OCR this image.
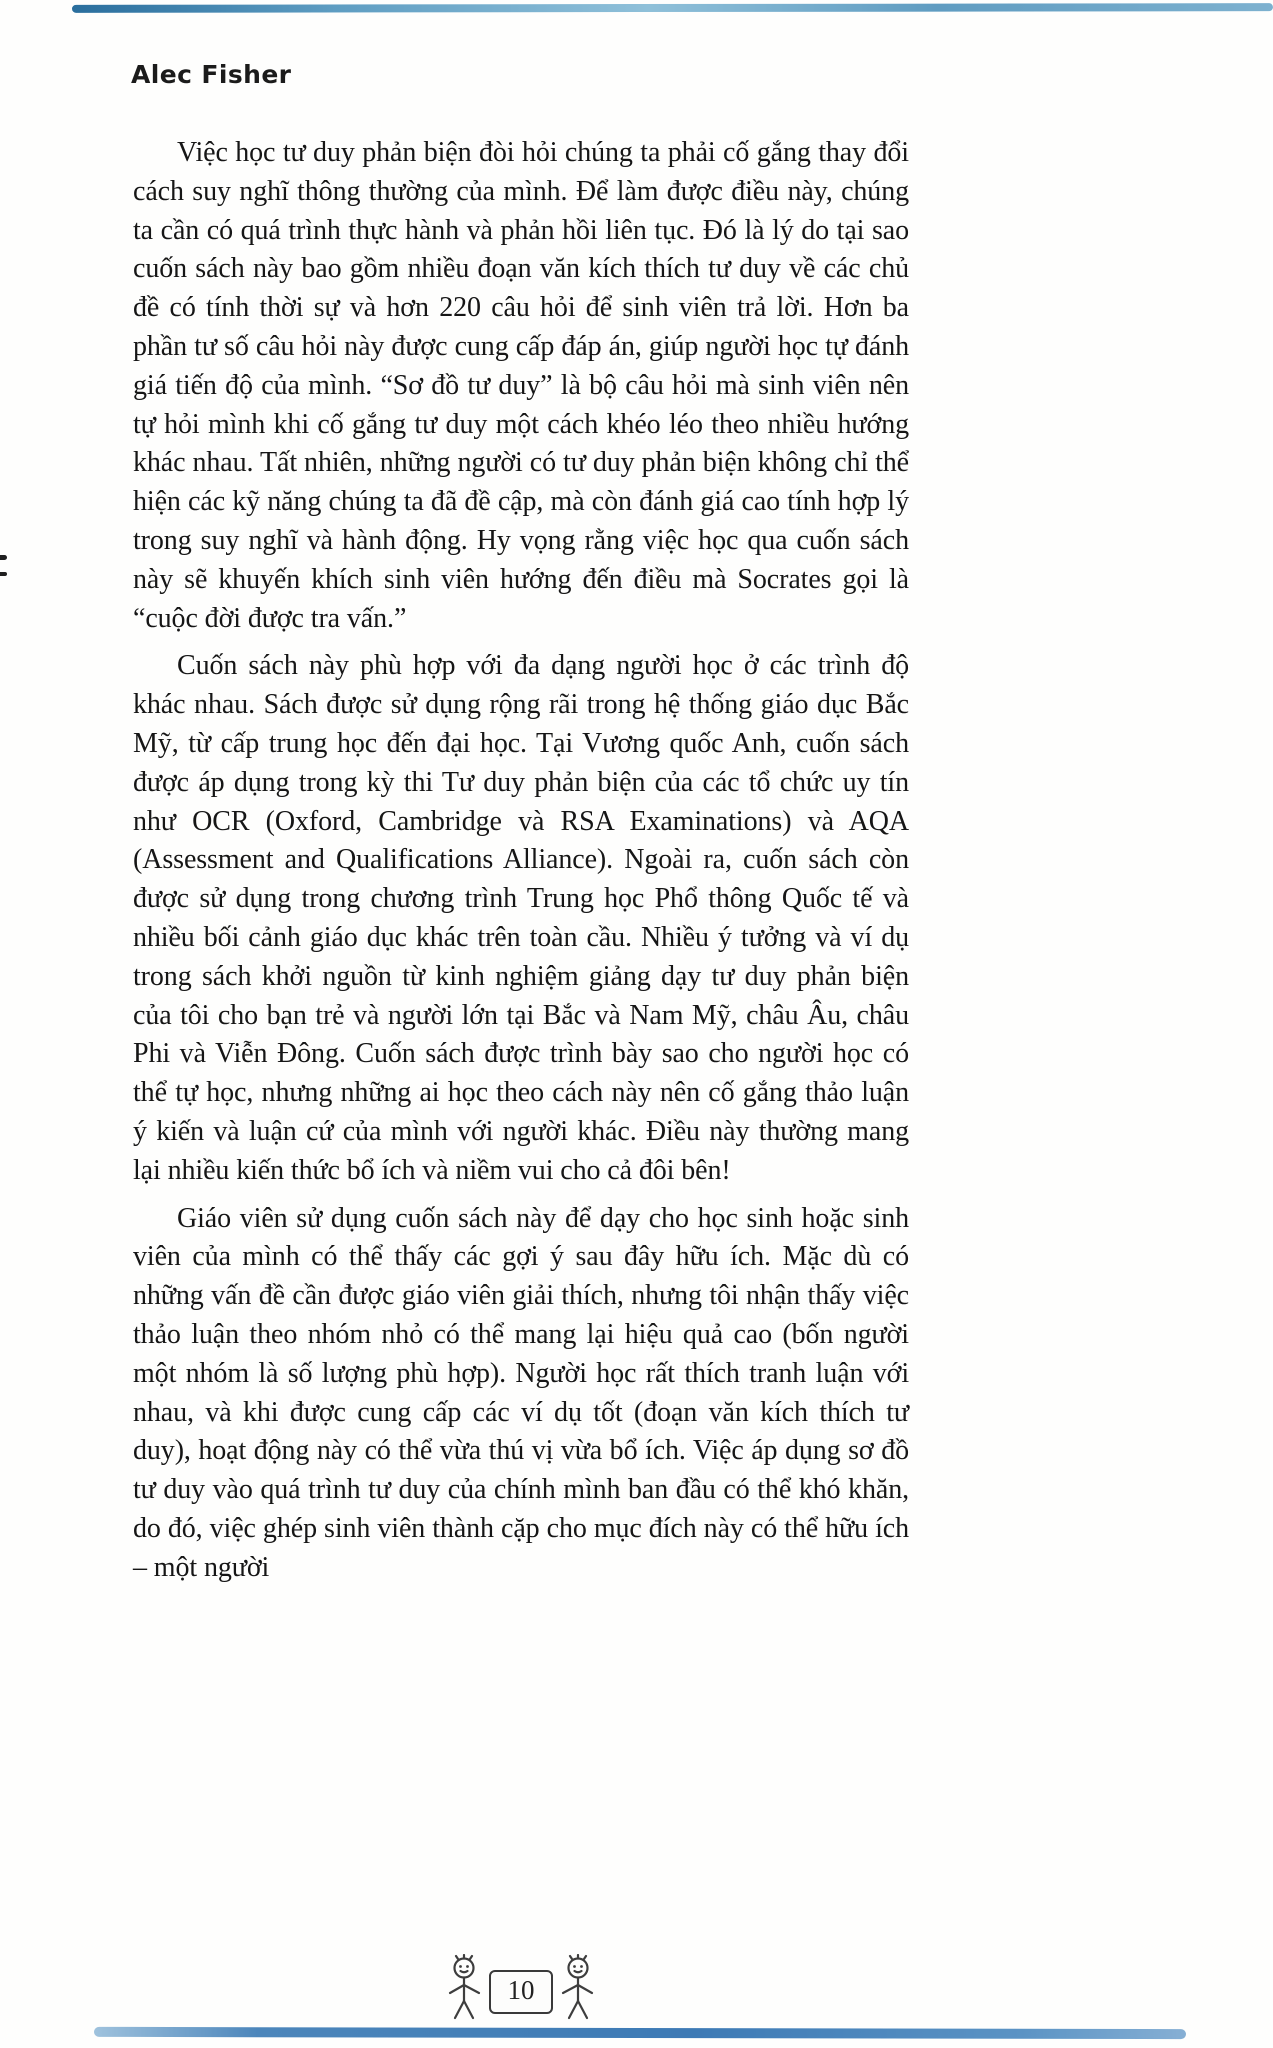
Alec Fisher

Việc học tư duy phản biện đòi hỏi chúng ta phải cố gắng thay đổi cách suy nghĩ thông thường của mình. Để làm được điều này, chúng ta cần có quá trình thực hành và phản hồi liên tục. Đó là lý do tại sao cuốn sách này bao gồm nhiều đoạn văn kích thích tư duy về các chủ đề có tính thời sự và hơn 220 câu hỏi để sinh viên trả lời. Hơn ba phần tư số câu hỏi này được cung cấp đáp án, giúp người học tự đánh giá tiến độ của mình. “Sơ đồ tư duy” là bộ câu hỏi mà sinh viên nên tự hỏi mình khi cố gắng tư duy một cách khéo léo theo nhiều hướng khác nhau. Tất nhiên, những người có tư duy phản biện không chỉ thể hiện các kỹ năng chúng ta đã đề cập, mà còn đánh giá cao tính hợp lý trong suy nghĩ và hành động. Hy vọng rằng việc học qua cuốn sách này sẽ khuyến khích sinh viên hướng đến điều mà Socrates gọi là “cuộc đời được tra vấn.”

Cuốn sách này phù hợp với đa dạng người học ở các trình độ khác nhau. Sách được sử dụng rộng rãi trong hệ thống giáo dục Bắc Mỹ, từ cấp trung học đến đại học. Tại Vương quốc Anh, cuốn sách được áp dụng trong kỳ thi Tư duy phản biện của các tổ chức uy tín như OCR (Oxford, Cambridge và RSA Examinations) và AQA (Assessment and Qualifications Alliance). Ngoài ra, cuốn sách còn được sử dụng trong chương trình Trung học Phổ thông Quốc tế và nhiều bối cảnh giáo dục khác trên toàn cầu. Nhiều ý tưởng và ví dụ trong sách khởi nguồn từ kinh nghiệm giảng dạy tư duy phản biện của tôi cho bạn trẻ và người lớn tại Bắc và Nam Mỹ, châu Âu, châu Phi và Viễn Đông. Cuốn sách được trình bày sao cho người học có thể tự học, nhưng những ai học theo cách này nên cố gắng thảo luận ý kiến và luận cứ của mình với người khác. Điều này thường mang lại nhiều kiến thức bổ ích và niềm vui cho cả đôi bên!

Giáo viên sử dụng cuốn sách này để dạy cho học sinh hoặc sinh viên của mình có thể thấy các gợi ý sau đây hữu ích. Mặc dù có những vấn đề cần được giáo viên giải thích, nhưng tôi nhận thấy việc thảo luận theo nhóm nhỏ có thể mang lại hiệu quả cao (bốn người một nhóm là số lượng phù hợp). Người học rất thích tranh luận với nhau, và khi được cung cấp các ví dụ tốt (đoạn văn kích thích tư duy), hoạt động này có thể vừa thú vị vừa bổ ích. Việc áp dụng sơ đồ tư duy vào quá trình tư duy của chính mình ban đầu có thể khó khăn, do đó, việc ghép sinh viên thành cặp cho mục đích này có thể hữu ích – một người

10
